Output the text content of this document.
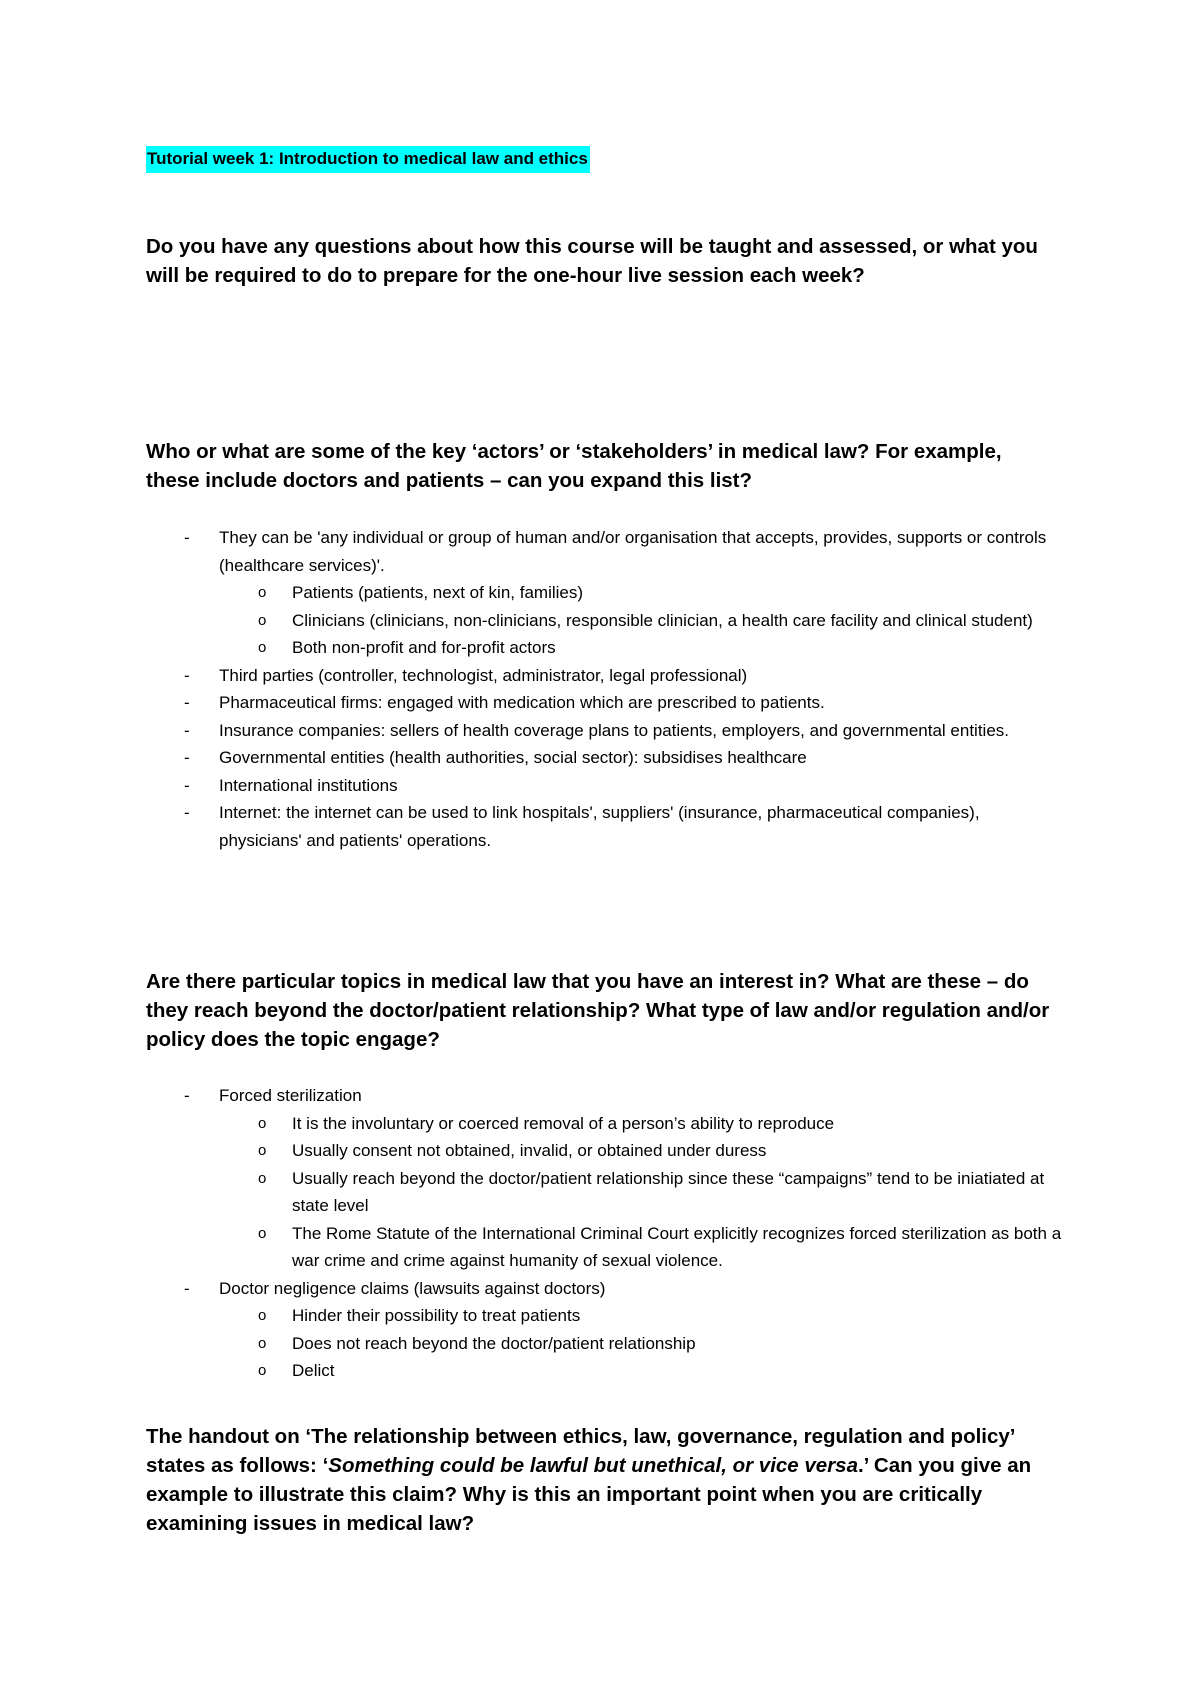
Tutorial week 1: Introduction to medical law and ethics

Do you have any questions about how this course will be taught and assessed, or what you will be required to do to prepare for the one-hour live session each week?

Who or what are some of the key ‘actors’ or ‘stakeholders’ in medical law? For example, these include doctors and patients – can you expand this list?

- They can be 'any individual or group of human and/or organisation that accepts, provides, supports or controls (healthcare services)'.
o Patients (patients, next of kin, families)
o Clinicians (clinicians, non-clinicians, responsible clinician, a health care facility and clinical student)
o Both non-profit and for-profit actors
- Third parties (controller, technologist, administrator, legal professional)
- Pharmaceutical firms: engaged with medication which are prescribed to patients.
- Insurance companies: sellers of health coverage plans to patients, employers, and governmental entities.
- Governmental entities (health authorities, social sector): subsidises healthcare
- International institutions
- Internet: the internet can be used to link hospitals', suppliers' (insurance, pharmaceutical companies), physicians' and patients' operations.

Are there particular topics in medical law that you have an interest in? What are these – do they reach beyond the doctor/patient relationship? What type of law and/or regulation and/or policy does the topic engage?

- Forced sterilization
o It is the involuntary or coerced removal of a person’s ability to reproduce
o Usually consent not obtained, invalid, or obtained under duress
o Usually reach beyond the doctor/patient relationship since these “campaigns” tend to be iniatiated at state level
o The Rome Statute of the International Criminal Court explicitly recognizes forced sterilization as both a war crime and crime against humanity of sexual violence.
- Doctor negligence claims (lawsuits against doctors)
o Hinder their possibility to treat patients
o Does not reach beyond the doctor/patient relationship
o Delict

The handout on ‘The relationship between ethics, law, governance, regulation and policy’ states as follows: ‘Something could be lawful but unethical, or vice versa.’ Can you give an example to illustrate this claim? Why is this an important point when you are critically examining issues in medical law?
